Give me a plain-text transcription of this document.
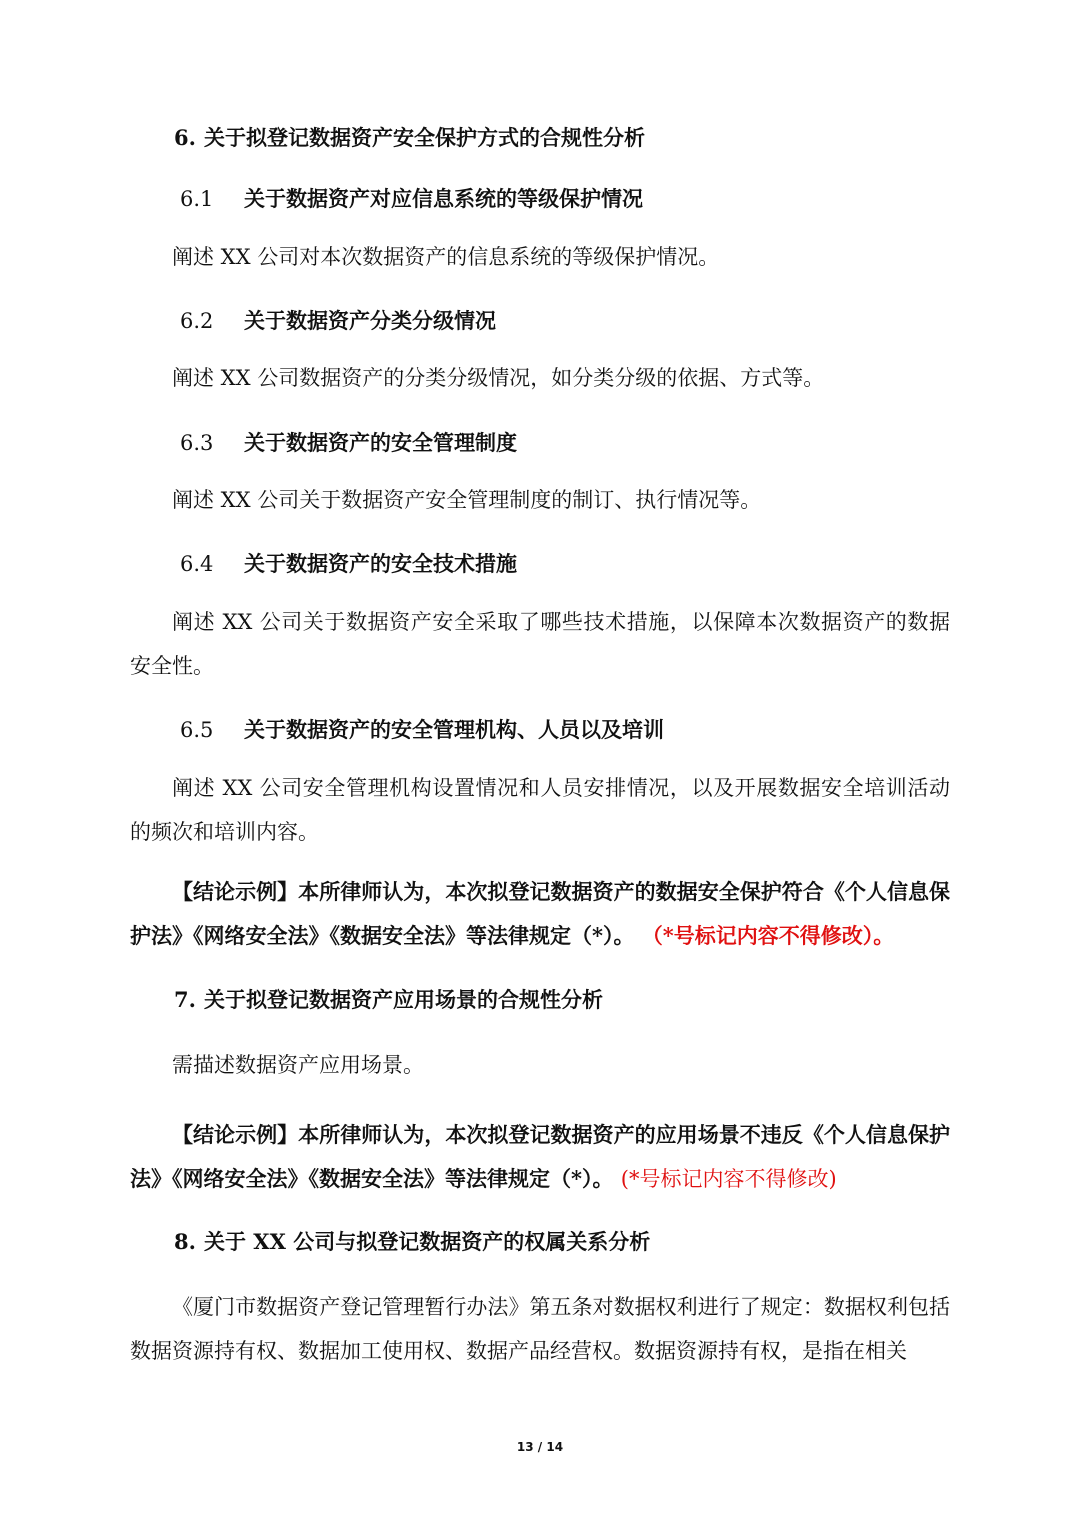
6. 关于拟登记数据资产安全保护方式的合规性分析
6.1 关于数据资产对应信息系统的等级保护情况
阐述 XX 公司对本次数据资产的信息系统的等级保护情况。
6.2 关于数据资产分类分级情况
阐述 XX 公司数据资产的分类分级情况，如分类分级的依据、方式等。
6.3 关于数据资产的安全管理制度
阐述 XX 公司关于数据资产安全管理制度的制订、执行情况等。
6.4 关于数据资产的安全技术措施
阐述 XX 公司关于数据资产安全采取了哪些技术措施，以保障本次数据资产的数据安全性。
6.5 关于数据资产的安全管理机构、人员以及培训
阐述 XX 公司安全管理机构设置情况和人员安排情况，以及开展数据安全培训活动的频次和培训内容。
【结论示例】本所律师认为，本次拟登记数据资产的数据安全保护符合《个人信息保护法》《网络安全法》《数据安全法》等法律规定（*）。 （*号标记内容不得修改）。
7. 关于拟登记数据资产应用场景的合规性分析
需描述数据资产应用场景。
【结论示例】本所律师认为，本次拟登记数据资产的应用场景不违反《个人信息保护法》《网络安全法》《数据安全法》等法律规定（*）。 (*号标记内容不得修改)
8. 关于 XX 公司与拟登记数据资产的权属关系分析
《厦门市数据资产登记管理暂行办法》第五条对数据权利进行了规定：数据权利包括数据资源持有权、数据加工使用权、数据产品经营权。数据资源持有权，是指在相关
13 / 14
